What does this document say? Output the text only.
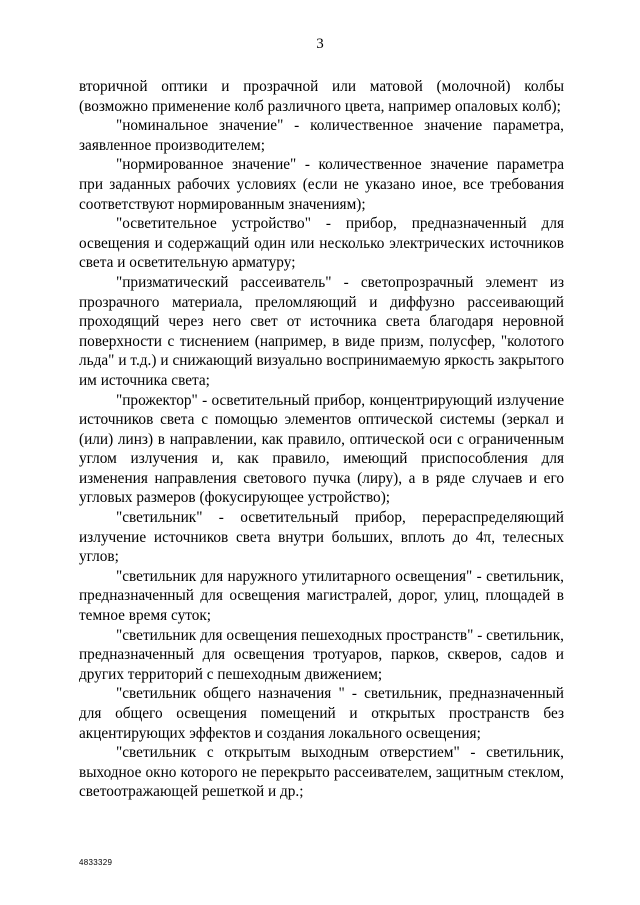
3

вторичной оптики и прозрачной или матовой (молочной) колбы (возможно применение колб различного цвета, например опаловых колб);

"номинальное значение" - количественное значение параметра, заявленное производителем;

"нормированное значение" - количественное значение параметра при заданных рабочих условиях (если не указано иное, все требования соответствуют нормированным значениям);

"осветительное устройство" - прибор, предназначенный для освещения и содержащий один или несколько электрических источников света и осветительную арматуру;

"призматический рассеиватель" - светопрозрачный элемент из прозрачного материала, преломляющий и диффузно рассеивающий проходящий через него свет от источника света благодаря неровной поверхности с тиснением (например, в виде призм, полусфер, "колотого льда" и т.д.) и снижающий визуально воспринимаемую яркость закрытого им источника света;

"прожектор" - осветительный прибор, концентрирующий излучение источников света с помощью элементов оптической системы (зеркал и (или) линз) в направлении, как правило, оптической оси с ограниченным углом излучения и, как правило, имеющий приспособления для изменения направления светового пучка (лиру), а в ряде случаев и его угловых размеров (фокусирующее устройство);

"светильник" - осветительный прибор, перераспределяющий излучение источников света внутри больших, вплоть до 4π, телесных углов;

"светильник для наружного утилитарного освещения" - светильник, предназначенный для освещения магистралей, дорог, улиц, площадей в темное время суток;

"светильник для освещения пешеходных пространств" - светильник, предназначенный для освещения тротуаров, парков, скверов, садов и других территорий с пешеходным движением;

"светильник общего назначения " - светильник, предназначенный для общего освещения помещений и открытых пространств без акцентирующих эффектов и создания локального освещения;

"светильник с открытым выходным отверстием" - светильник, выходное окно которого не перекрыто рассеивателем, защитным стеклом, светоотражающей решеткой и др.;

4833329
